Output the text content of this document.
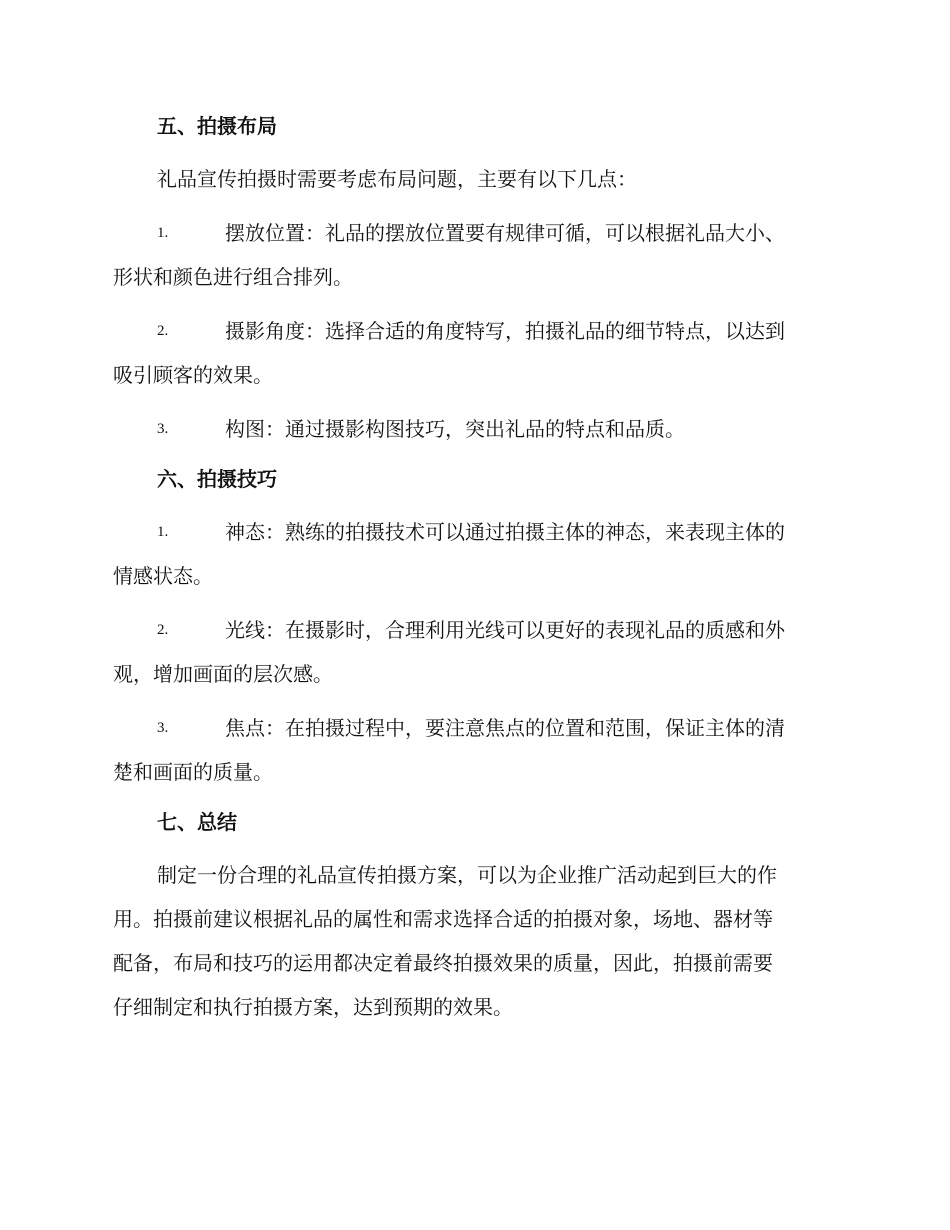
五、拍摄布局
礼品宣传拍摄时需要考虑布局问题，主要有以下几点：
1.	摆放位置：礼品的摆放位置要有规律可循，可以根据礼品大小、
形状和颜色进行组合排列。
2.	摄影角度：选择合适的角度特写，拍摄礼品的细节特点，以达到
吸引顾客的效果。
3.	构图：通过摄影构图技巧，突出礼品的特点和品质。
六、拍摄技巧
1.	神态：熟练的拍摄技术可以通过拍摄主体的神态，来表现主体的
情感状态。
2.	光线：在摄影时，合理利用光线可以更好的表现礼品的质感和外
观，增加画面的层次感。
3.	焦点：在拍摄过程中，要注意焦点的位置和范围，保证主体的清
楚和画面的质量。
七、总结
制定一份合理的礼品宣传拍摄方案，可以为企业推广活动起到巨大的作
用。拍摄前建议根据礼品的属性和需求选择合适的拍摄对象，场地、器材等
配备，布局和技巧的运用都决定着最终拍摄效果的质量，因此，拍摄前需要
仔细制定和执行拍摄方案，达到预期的效果。
